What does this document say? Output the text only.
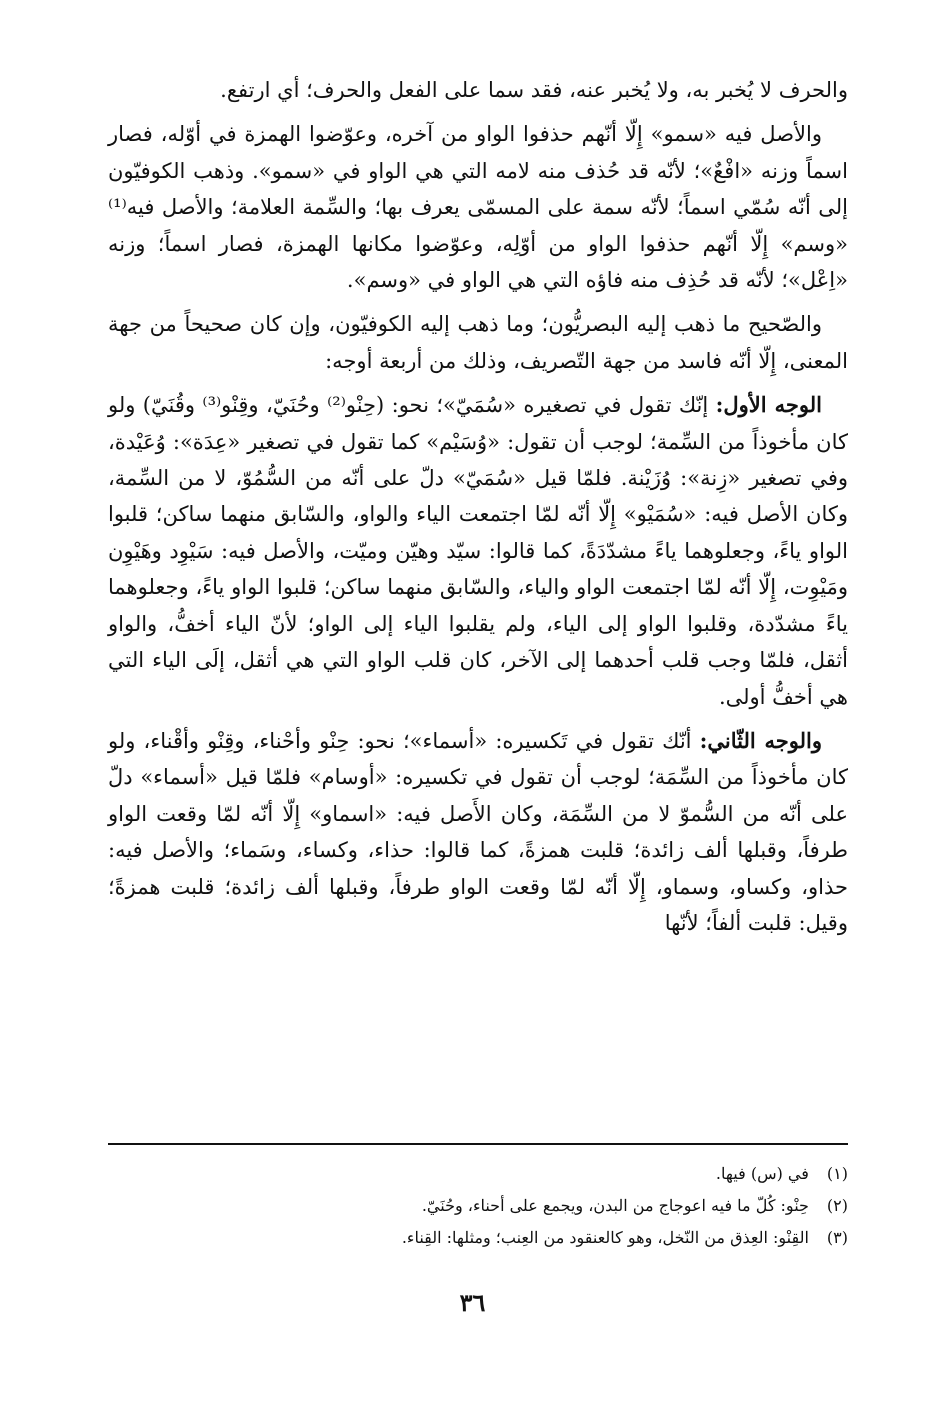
والحرف لا يُخبر به، ولا يُخبر عنه، فقد سما على الفعل والحرف؛ أي ارتفع.

والأصل فيه «سمو» إِلّا أنّهم حذفوا الواو من آخره، وعوّضوا الهمزة في أوّله، فصار اسماً وزنه «افْعٌ»؛ لأنّه قد حُذف منه لامه التي هي الواو في «سمو». وذهب الكوفيّون إلى أنّه سُمّي اسماً؛ لأنّه سمة على المسمّى يعرف بها؛ والسِّمة العلامة؛ والأصل فيه⁽¹⁾ «وسم» إِلّا أنّهم حذفوا الواو من أوّلِه، وعوّضوا مكانها الهمزة، فصار اسماً؛ وزنه «اِعْل»؛ لأنّه قد حُذِف منه فاؤه التي هي الواو في «وسم».

والصّحيح ما ذهب إليه البصريُّون؛ وما ذهب إليه الكوفيّون، وإن كان صحيحاً من جهة المعنى، إِلّا أنّه فاسد من جهة التّصريف، وذلك من أربعة أوجه:

الوجه الأول: إنّك تقول في تصغيره «سُمَيّ»؛ نحو: (حِنْو⁽²⁾ وحُنَيّ، وقِنْو⁽³⁾ وقُنَيّ) ولو كان مأخوذاً من السِّمة؛ لوجب أن تقول: «وُسَيْم» كما تقول في تصغير «عِدَة»: وُعَيْدة، وفي تصغير «زِنة»: وُزَيْنة. فلمّا قيل «سُمَيّ» دلّ على أنّه من السُّمُوّ، لا من السِّمة، وكان الأصل فيه: «سُمَيْو» إِلّا أنّه لمّا اجتمعت الياء والواو، والسّابق منهما ساكن؛ قلبوا الواو ياءً، وجعلوهما ياءً مشدّدَةً، كما قالوا: سيّد وهيّن وميّت، والأصل فيه: سَيْوِد وهَيْوِن ومَيْوِت، إِلّا أنّه لمّا اجتمعت الواو والياء، والسّابق منهما ساكن؛ قلبوا الواو ياءً، وجعلوهما ياءً مشدّدة، وقلبوا الواو إلى الياء، ولم يقلبوا الياء إلى الواو؛ لأنّ الياء أخفُّ، والواو أثقل، فلمّا وجب قلب أحدهما إلى الآخر، كان قلب الواو التي هي أثقل، إلَى الياء التي هي أخفُّ أولى.

والوجه الثّاني: أنّك تقول في تَكسيره: «أسماء»؛ نحو: حِنْو وأحْناء، وقِنْو وأقْناء، ولو كان مأخوذاً من السِّمَة؛ لوجب أن تقول في تكسيره: «أوسام» فلمّا قيل «أسماء» دلّ على أنّه من السُّموّ لا من السِّمَة، وكان الأَصل فيه: «اسماو» إِلّا أنّه لمّا وقعت الواو طرفاً، وقبلها ألف زائدة؛ قلبت همزةً، كما قالوا: حذاء، وكساء، وسَماء؛ والأصل فيه: حذاو، وكساو، وسماو، إِلّا أنّه لمّا وقعت الواو طرفاً، وقبلها ألف زائدة؛ قلبت همزةً؛ وقيل: قلبت ألفاً؛ لأنّها

(١)في (س) فيها.

(٢)حِنْو: كُلّ ما فيه اعوجاج من البدن، ويجمع على أحناء، وحُنَيّ.

(٣)القِنْو: العِذق من النّخل، وهو كالعنقود من العِنب؛ ومثلها: القِناء.

٣٦
